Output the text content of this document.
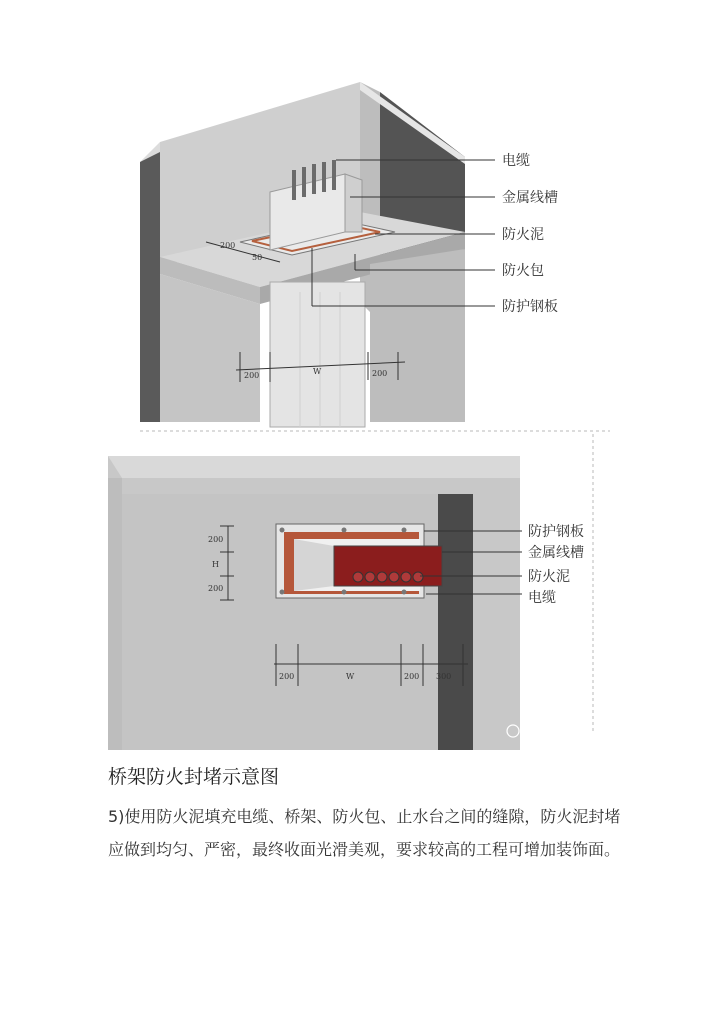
电缆
金属线槽
防火泥
防火包
防护钢板
200	W	200
200
50
防护钢板
金属线槽
防火泥
电缆
200
H
200
200	W	200 300
机电人脉
桥架防火封堵示意图

5)使用防火泥填充电缆、桥架、防火包、止水台之间的缝隙，防火泥封堵应做到均匀、严密，最终收面光滑美观，要求较高的工程可增加装饰面。
